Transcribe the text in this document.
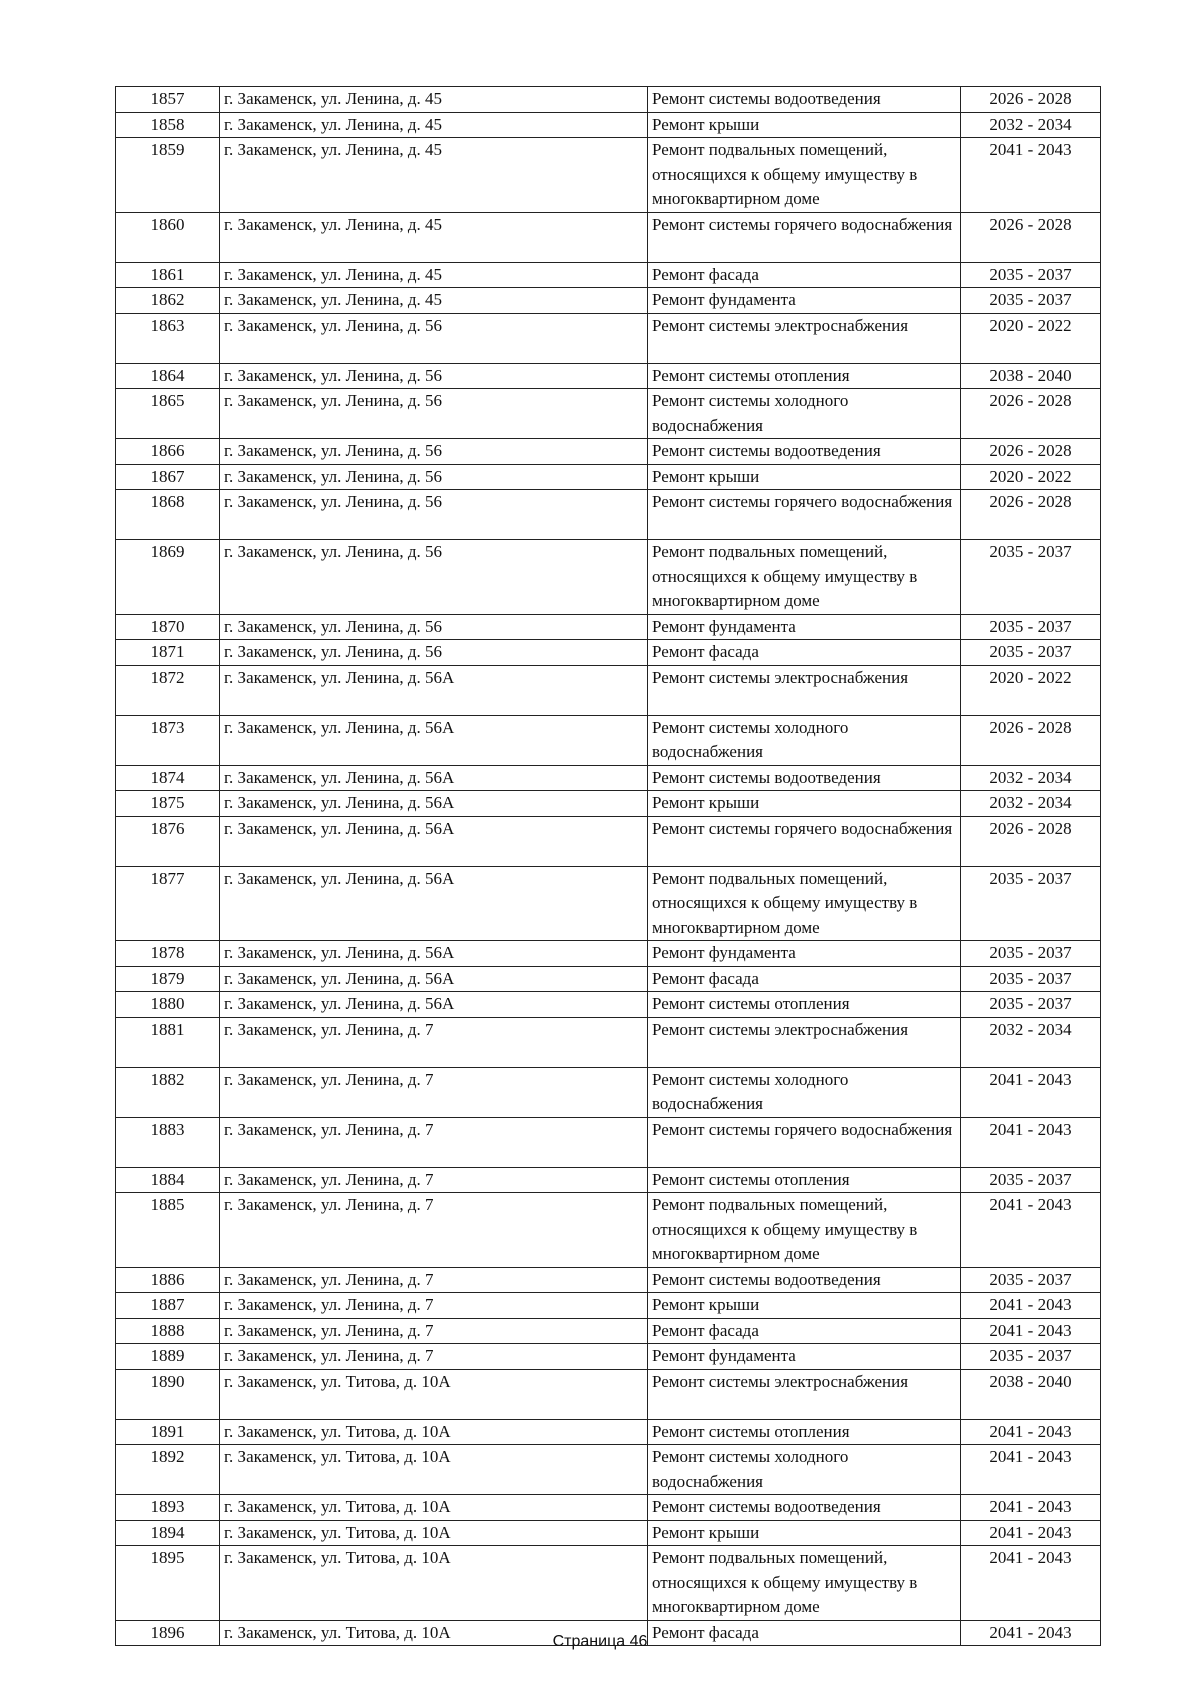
1857	г. Закаменск, ул. Ленина, д. 45	Ремонт системы водоотведения	2026 - 2028
1858	г. Закаменск, ул. Ленина, д. 45	Ремонт крыши	2032 - 2034
1859	г. Закаменск, ул. Ленина, д. 45	Ремонт подвальных помещений, относящихся к общему имуществу в многоквартирном доме	2041 - 2043
1860	г. Закаменск, ул. Ленина, д. 45	Ремонт системы горячего водоснабжения	2026 - 2028
1861	г. Закаменск, ул. Ленина, д. 45	Ремонт фасада	2035 - 2037
1862	г. Закаменск, ул. Ленина, д. 45	Ремонт фундамента	2035 - 2037
1863	г. Закаменск, ул. Ленина, д. 56	Ремонт системы электроснабжения	2020 - 2022
1864	г. Закаменск, ул. Ленина, д. 56	Ремонт системы отопления	2038 - 2040
1865	г. Закаменск, ул. Ленина, д. 56	Ремонт системы холодного водоснабжения	2026 - 2028
1866	г. Закаменск, ул. Ленина, д. 56	Ремонт системы водоотведения	2026 - 2028
1867	г. Закаменск, ул. Ленина, д. 56	Ремонт крыши	2020 - 2022
1868	г. Закаменск, ул. Ленина, д. 56	Ремонт системы горячего водоснабжения	2026 - 2028
1869	г. Закаменск, ул. Ленина, д. 56	Ремонт подвальных помещений, относящихся к общему имуществу в многоквартирном доме	2035 - 2037
1870	г. Закаменск, ул. Ленина, д. 56	Ремонт фундамента	2035 - 2037
1871	г. Закаменск, ул. Ленина, д. 56	Ремонт фасада	2035 - 2037
1872	г. Закаменск, ул. Ленина, д. 56А	Ремонт системы электроснабжения	2020 - 2022
1873	г. Закаменск, ул. Ленина, д. 56А	Ремонт системы холодного водоснабжения	2026 - 2028
1874	г. Закаменск, ул. Ленина, д. 56А	Ремонт системы водоотведения	2032 - 2034
1875	г. Закаменск, ул. Ленина, д. 56А	Ремонт крыши	2032 - 2034
1876	г. Закаменск, ул. Ленина, д. 56А	Ремонт системы горячего водоснабжения	2026 - 2028
1877	г. Закаменск, ул. Ленина, д. 56А	Ремонт подвальных помещений, относящихся к общему имуществу в многоквартирном доме	2035 - 2037
1878	г. Закаменск, ул. Ленина, д. 56А	Ремонт фундамента	2035 - 2037
1879	г. Закаменск, ул. Ленина, д. 56А	Ремонт фасада	2035 - 2037
1880	г. Закаменск, ул. Ленина, д. 56А	Ремонт системы отопления	2035 - 2037
1881	г. Закаменск, ул. Ленина, д. 7	Ремонт системы электроснабжения	2032 - 2034
1882	г. Закаменск, ул. Ленина, д. 7	Ремонт системы холодного водоснабжения	2041 - 2043
1883	г. Закаменск, ул. Ленина, д. 7	Ремонт системы горячего водоснабжения	2041 - 2043
1884	г. Закаменск, ул. Ленина, д. 7	Ремонт системы отопления	2035 - 2037
1885	г. Закаменск, ул. Ленина, д. 7	Ремонт подвальных помещений, относящихся к общему имуществу в многоквартирном доме	2041 - 2043
1886	г. Закаменск, ул. Ленина, д. 7	Ремонт системы водоотведения	2035 - 2037
1887	г. Закаменск, ул. Ленина, д. 7	Ремонт крыши	2041 - 2043
1888	г. Закаменск, ул. Ленина, д. 7	Ремонт фасада	2041 - 2043
1889	г. Закаменск, ул. Ленина, д. 7	Ремонт фундамента	2035 - 2037
1890	г. Закаменск, ул. Титова, д. 10А	Ремонт системы электроснабжения	2038 - 2040
1891	г. Закаменск, ул. Титова, д. 10А	Ремонт системы отопления	2041 - 2043
1892	г. Закаменск, ул. Титова, д. 10А	Ремонт системы холодного водоснабжения	2041 - 2043
1893	г. Закаменск, ул. Титова, д. 10А	Ремонт системы водоотведения	2041 - 2043
1894	г. Закаменск, ул. Титова, д. 10А	Ремонт крыши	2041 - 2043
1895	г. Закаменск, ул. Титова, д. 10А	Ремонт подвальных помещений, относящихся к общему имуществу в многоквартирном доме	2041 - 2043
1896	г. Закаменск, ул. Титова, д. 10А	Ремонт фасада	2041 - 2043
Страница 46
